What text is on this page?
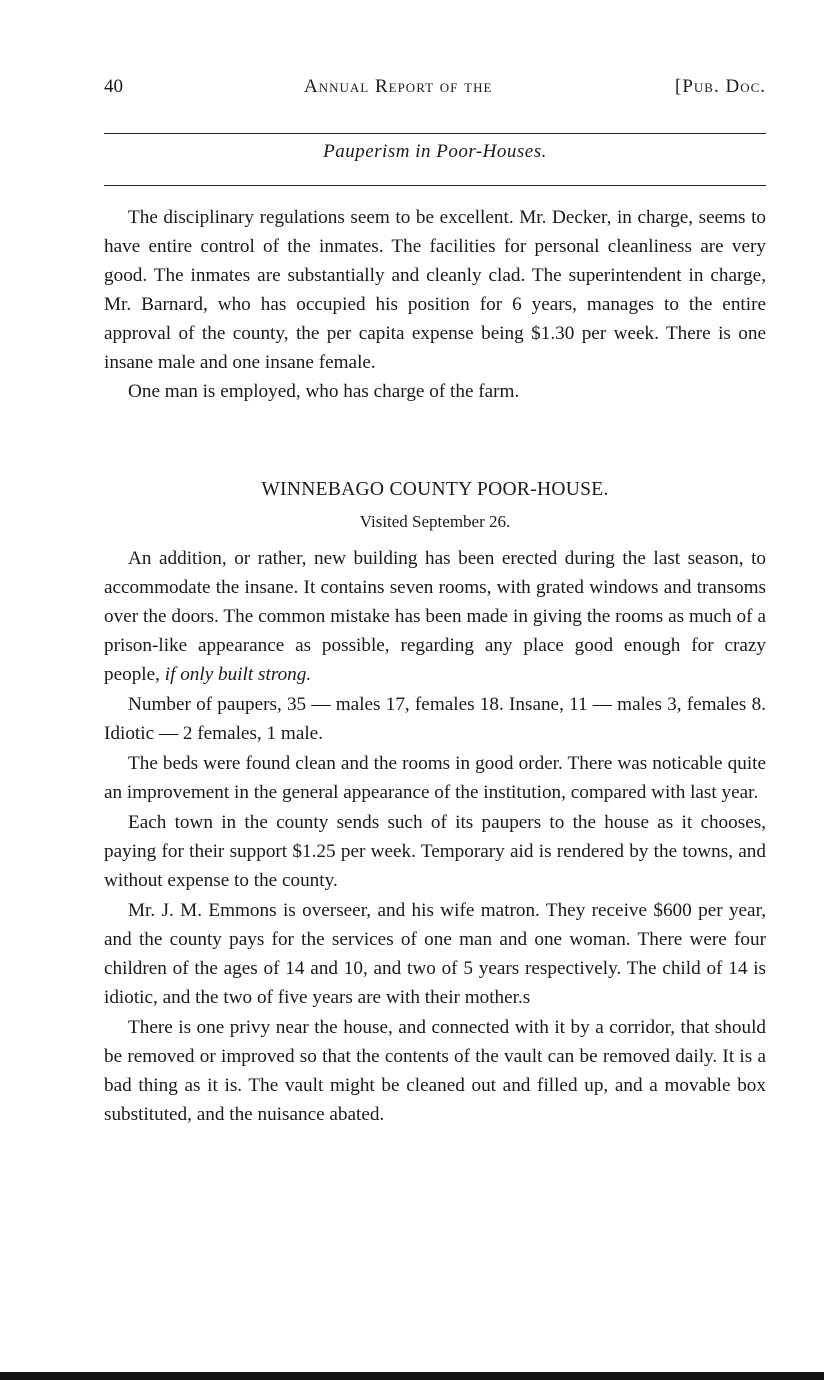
40	Annual Report of the	[Pub. Doc.
Pauperism in Poor-Houses.

The disciplinary regulations seem to be excellent. Mr. Decker, in charge, seems to have entire control of the inmates. The facilities for personal cleanliness are very good. The inmates are substantially and cleanly clad. The superintendent in charge, Mr. Barnard, who has occupied his position for 6 years, manages to the entire approval of the county, the per capita expense being $1.30 per week. There is one insane male and one insane female.

One man is employed, who has charge of the farm.

WINNEBAGO COUNTY POOR-HOUSE.
Visited September 26.

An addition, or rather, new building has been erected during the last season, to accommodate the insane. It contains seven rooms, with grated windows and transoms over the doors. The common mistake has been made in giving the rooms as much of a prison-like appearance as possible, regarding any place good enough for crazy people, if only built strong.

Number of paupers, 35 — males 17, females 18. Insane, 11 — males 3, females 8. Idiotic — 2 females, 1 male.

The beds were found clean and the rooms in good order. There was noticable quite an improvement in the general appearance of the institution, compared with last year.

Each town in the county sends such of its paupers to the house as it chooses, paying for their support $1.25 per week. Temporary aid is rendered by the towns, and without expense to the county.

Mr. J. M. Emmons is overseer, and his wife matron. They receive $600 per year, and the county pays for the services of one man and one woman. There were four children of the ages of 14 and 10, and two of 5 years respectively. The child of 14 is idiotic, and the two of five years are with their mother.s

There is one privy near the house, and connected with it by a corridor, that should be removed or improved so that the contents of the vault can be removed daily. It is a bad thing as it is. The vault might be cleaned out and filled up, and a movable box substituted, and the nuisance abated.
